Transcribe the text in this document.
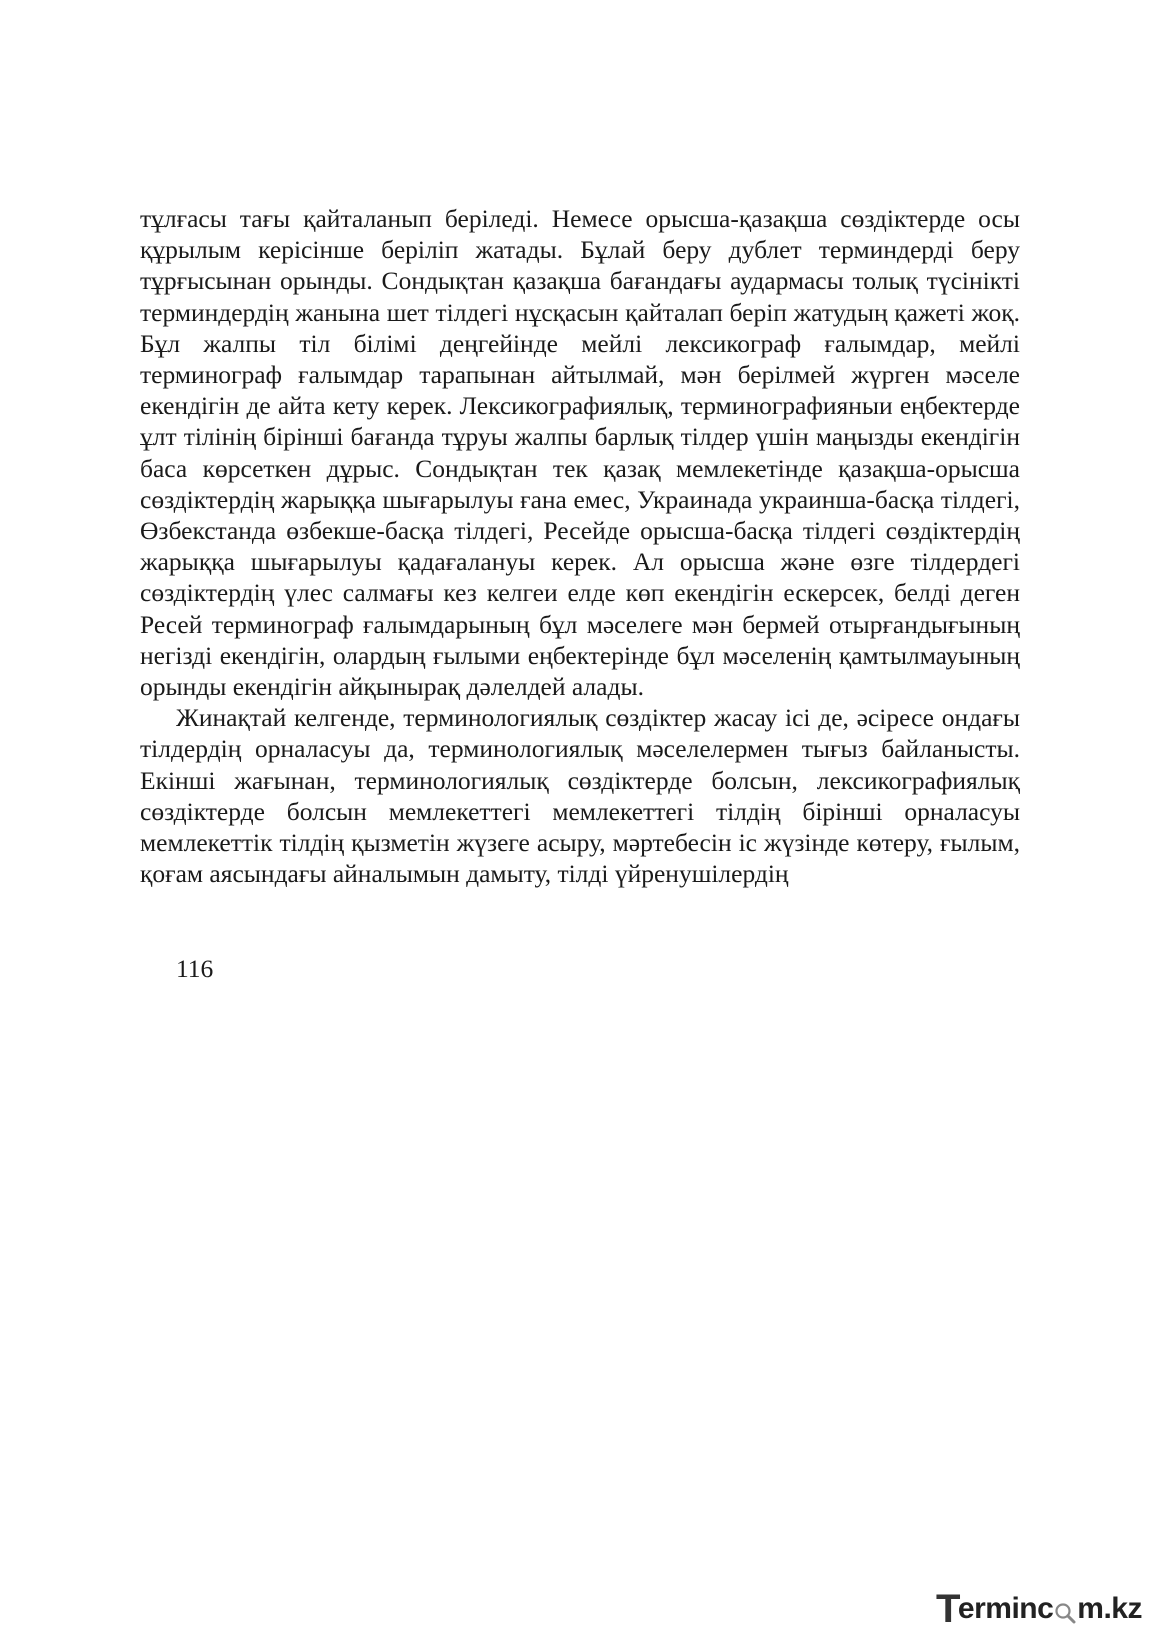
тұлғасы тағы қайталанып беріледі. Немесе орысша-қазақша сөздіктерде осы құрылым керісінше беріліп жатады. Бұлай беру дублет терминдерді беру тұрғысынан орынды. Сондықтан қазақша бағандағы аудармасы толық түсінікті терминдердің жанына шет тілдегі нұсқасын қайталап беріп жатудың қажеті жоқ. Бұл жалпы тіл білімі деңгейінде мейлі лексикограф ғалымдар, мейлі терминограф ғалымдар тарапынан айтылмай, мән берілмей жүрген мәселе екендігін де айта кету керек. Лексикографиялық, терминографияныи еңбектерде ұлт тілінің бірінші бағанда тұруы жалпы барлық тілдер үшін маңызды екендігін баса көрсеткен дұрыс. Сондықтан тек қазақ мемлекетінде қазақша-орысша сөздіктердің жарыққа шығарылуы ғана емес, Украинада украинша-басқа тілдегі, Өзбекстанда өзбекше-басқа тілдегі, Ресейде орысша-басқа тілдегі сөздіктердің жарыққа шығарылуы қадағалануы керек. Ал орысша және өзге тілдердегі сөздіктердің үлес салмағы кез келгеи елде көп екендігін ескерсек, белді деген Ресей терминограф ғалымдарының бұл мәселеге мән бермей отырғандығының негізді екендігін, олардың ғылыми еңбектерінде бұл мәселенің қамтылмауының орынды екендігін айқынырақ дәлелдей алады.

Жинақтай келгенде, терминологиялық сөздіктер жасау ісі де, әсіресе ондағы тілдердің орналасуы да, терминологиялық мәселелермен тығыз байланысты. Екінші жағынан, терминологиялық сөздіктерде болсын, лексикографиялық сөздіктерде болсын мемлекеттегі мемлекеттегі тілдің бірінші орналасуы мемлекеттік тілдің қызметін жүзеге асыру, мәртебесін іс жүзінде көтеру, ғылым, қоғам аясындағы айналымын дамыту, тілді үйренушілердің

116
T
erminc m.kz
